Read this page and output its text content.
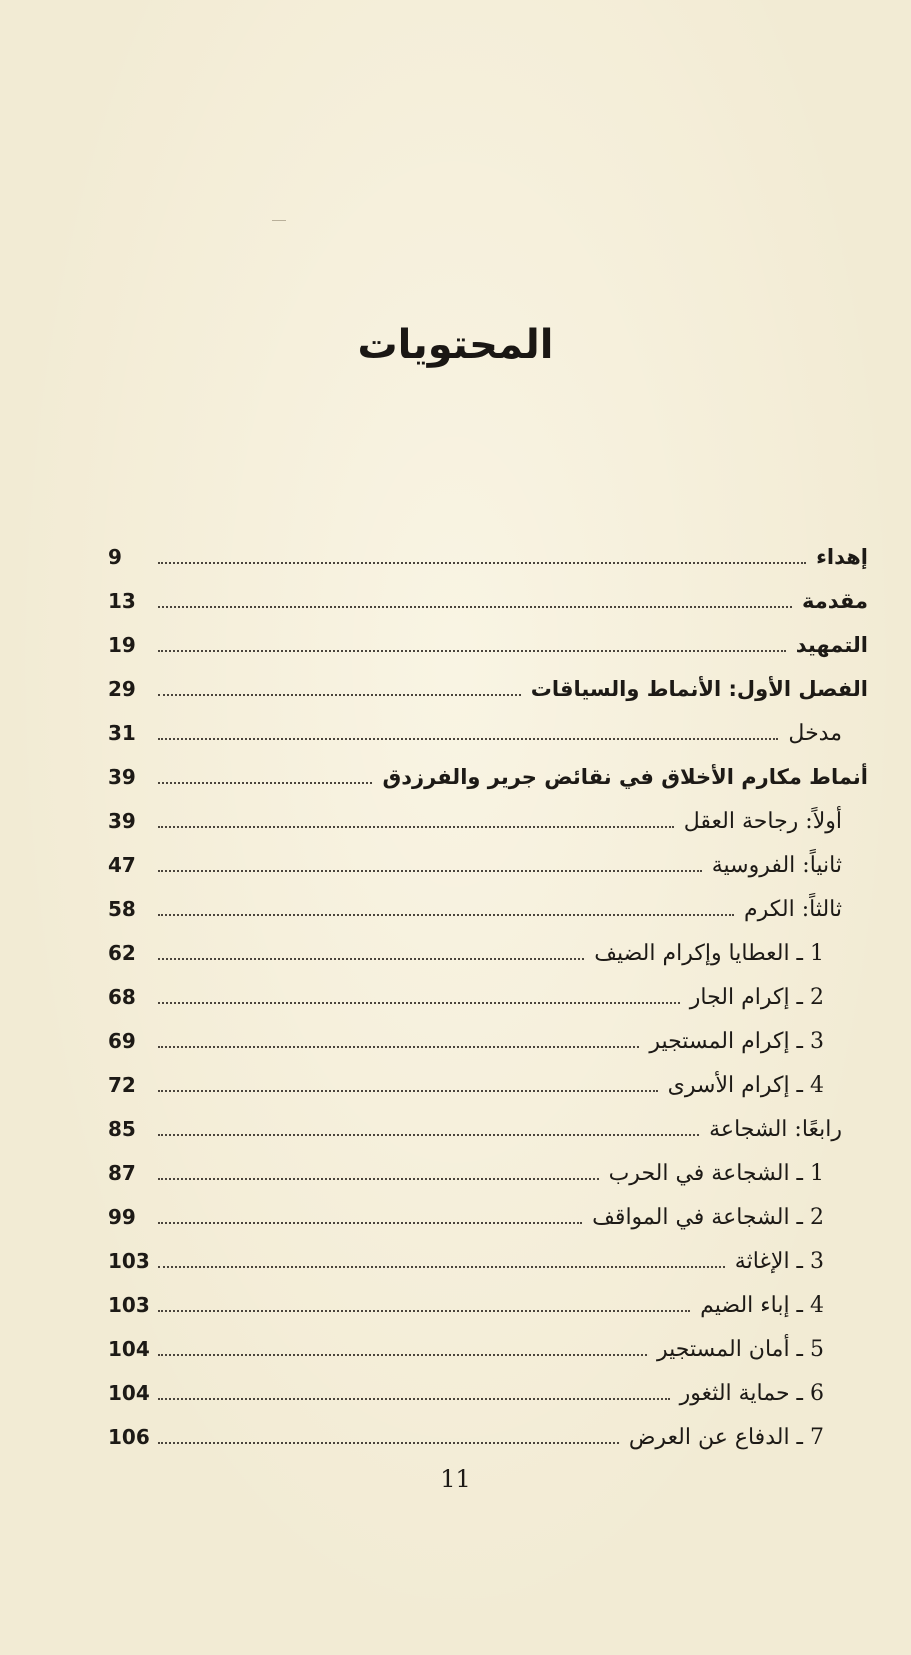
المحتويات
إهداء
9
مقدمة
13
التمهيد
19
الفصل الأول: الأنماط والسياقات
29
مدخل
31
أنماط مكارم الأخلاق في نقائض جرير والفرزدق
39
أولاً: رجاحة العقل
39
ثانياً: الفروسية
47
ثالثاً: الكرم
58
1 ـ العطايا وإكرام الضيف
62
2 ـ إكرام الجار
68
3 ـ إكرام المستجير
69
4 ـ إكرام الأسرى
72
رابعًا: الشجاعة
85
1 ـ الشجاعة في الحرب
87
2 ـ الشجاعة في المواقف
99
3 ـ الإغاثة
103
4 ـ إباء الضيم
103
5 ـ أمان المستجير
104
6 ـ حماية الثغور
104
7 ـ الدفاع عن العرض
106
11
